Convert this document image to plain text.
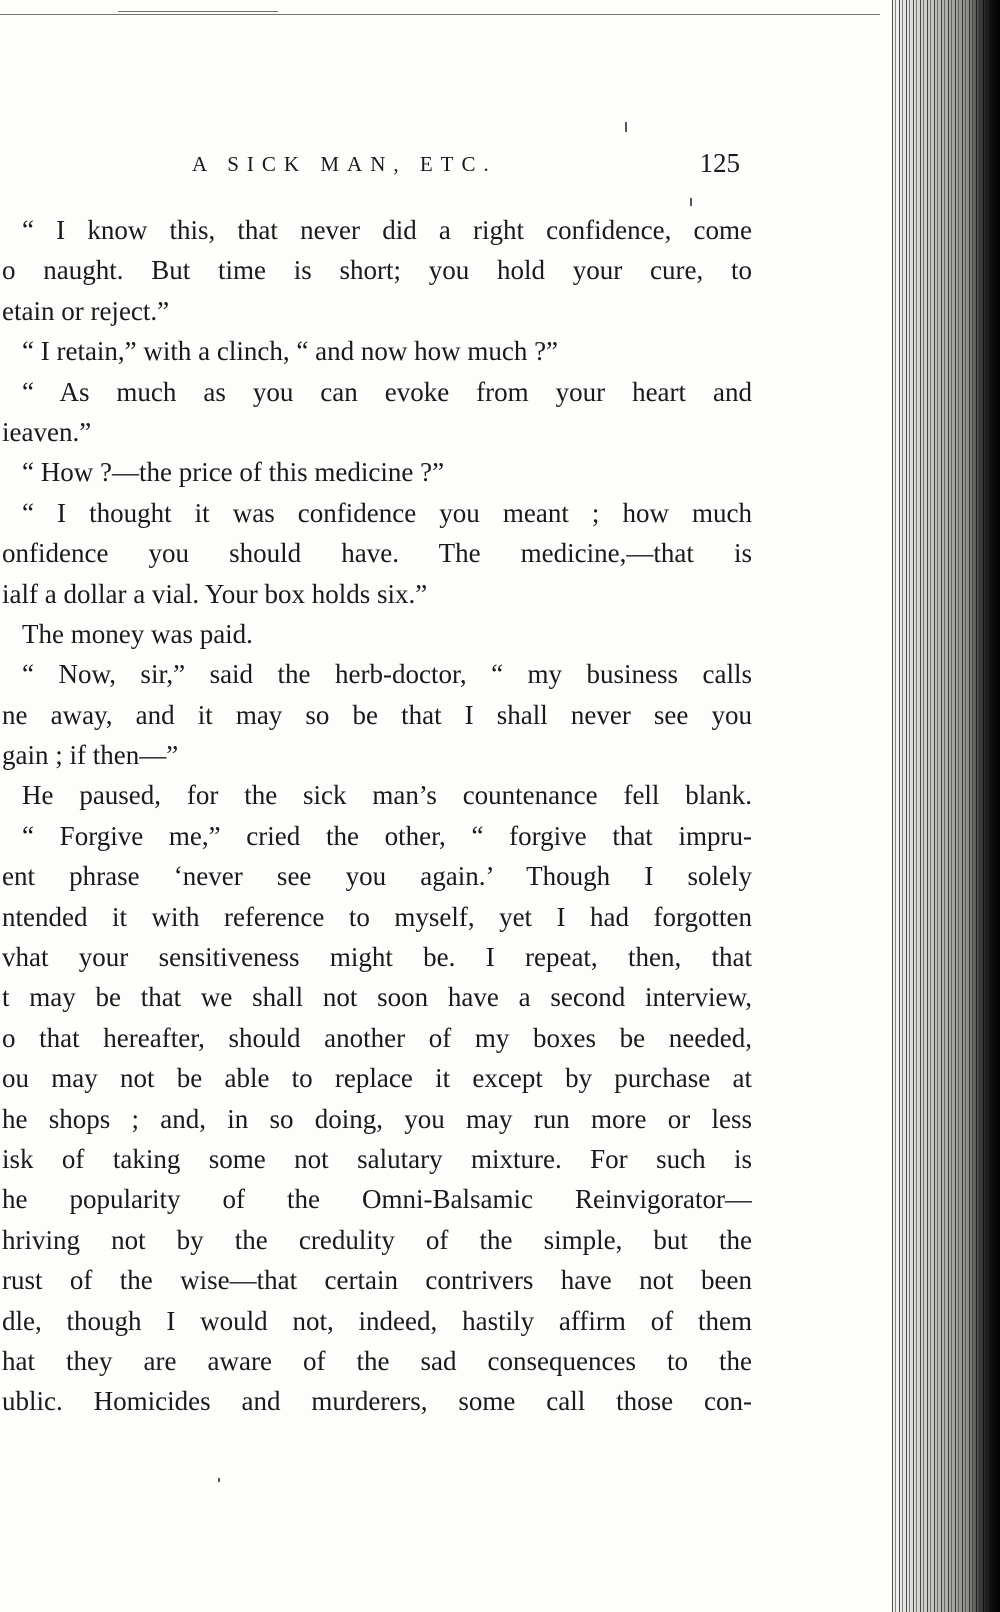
A SICK MAN, ETC.	125
“ I know this, that never did a right confidence, come
o naught. But time is short; you hold your cure, to
etain or reject.”
“ I retain,” with a clinch, “ and now how much ?”
“ As much as you can evoke from your heart and
ieaven.”
“ How ?—the price of this medicine ?”
“ I thought it was confidence you meant ; how much
onfidence you should have. The medicine,—that is
ialf a dollar a vial. Your box holds six.”
The money was paid.
“ Now, sir,” said the herb-doctor, “ my business calls
ne away, and it may so be that I shall never see you
gain ; if then—”
He paused, for the sick man’s countenance fell blank.
“ Forgive me,” cried the other, “ forgive that impru-
ent phrase ‘never see you again.’ Though I solely
ntended it with reference to myself, yet I had forgotten
vhat your sensitiveness might be. I repeat, then, that
t may be that we shall not soon have a second interview,
o that hereafter, should another of my boxes be needed,
ou may not be able to replace it except by purchase at
he shops ; and, in so doing, you may run more or less
isk of taking some not salutary mixture. For such is
he popularity of the Omni-Balsamic Reinvigorator—
hriving not by the credulity of the simple, but the
rust of the wise—that certain contrivers have not been
dle, though I would not, indeed, hastily affirm of them
hat they are aware of the sad consequences to the
ublic. Homicides and murderers, some call those con-
